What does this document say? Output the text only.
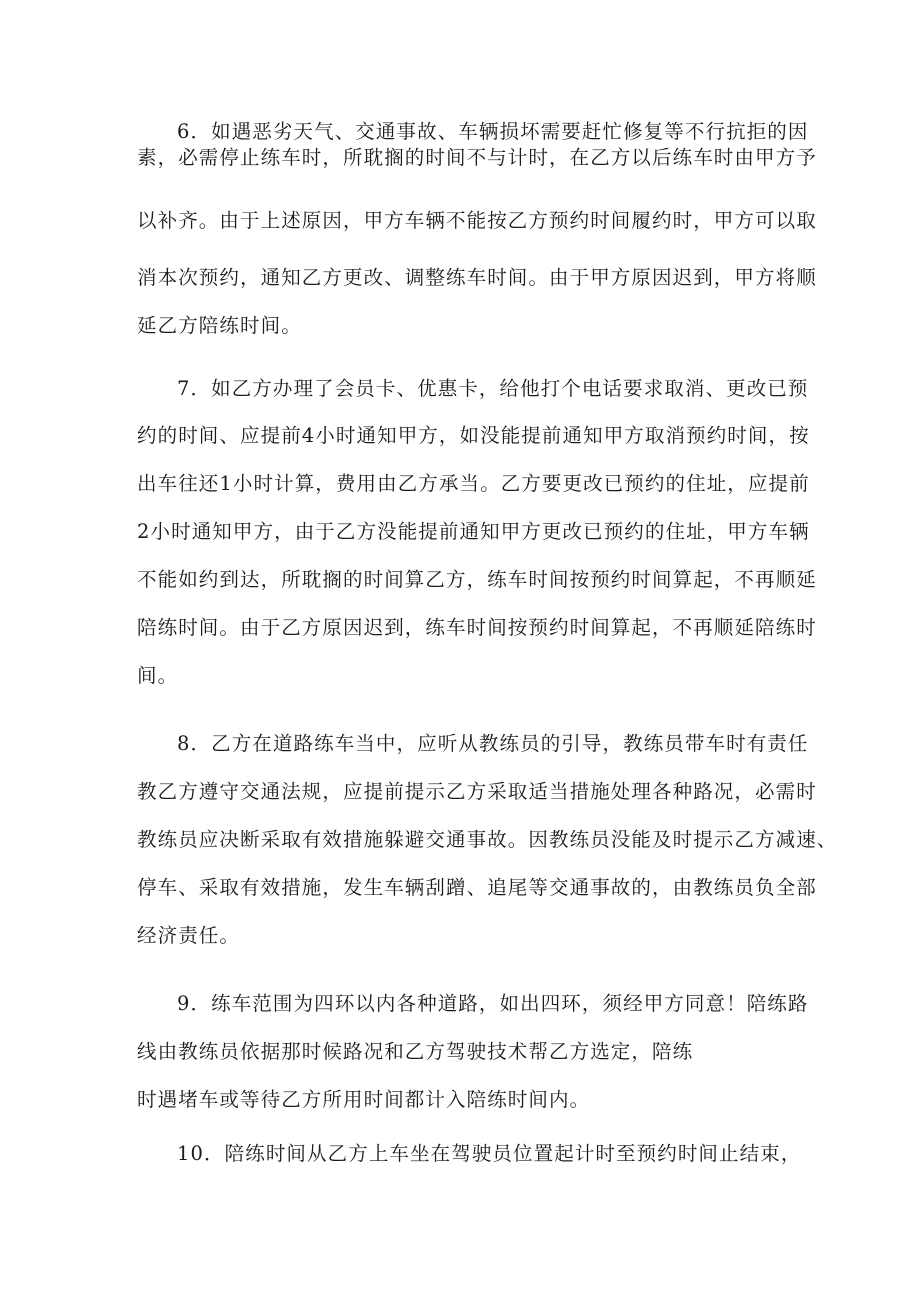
6．如遇恶劣天气、交通事故、车辆损坏需要赶忙修复等不行抗拒的因
素，必需停止练车时，所耽搁的时间不与计时，在乙方以后练车时由甲方予
以补齐。由于上述原因，甲方车辆不能按乙方预约时间履约时，甲方可以取
消本次预约，通知乙方更改、调整练车时间。由于甲方原因迟到，甲方将顺
延乙方陪练时间。
7．如乙方办理了会员卡、优惠卡，给他打个电话要求取消、更改已预
约的时间、应提前4小时通知甲方，如没能提前通知甲方取消预约时间，按
出车往还1小时计算，费用由乙方承当。乙方要更改已预约的住址，应提前
2小时通知甲方，由于乙方没能提前通知甲方更改已预约的住址，甲方车辆
不能如约到达，所耽搁的时间算乙方，练车时间按预约时间算起，不再顺延
陪练时间。由于乙方原因迟到，练车时间按预约时间算起，不再顺延陪练时
间。
8．乙方在道路练车当中，应听从教练员的引导，教练员带车时有责任
教乙方遵守交通法规，应提前提示乙方采取适当措施处理各种路况，必需时
教练员应决断采取有效措施躲避交通事故。因教练员没能及时提示乙方减速、
停车、采取有效措施，发生车辆刮蹭、追尾等交通事故的，由教练员负全部
经济责任。
9．练车范围为四环以内各种道路，如出四环，须经甲方同意！陪练路
线由教练员依据那时候路况和乙方驾驶技术帮乙方选定，陪练
时遇堵车或等待乙方所用时间都计入陪练时间内。
10．陪练时间从乙方上车坐在驾驶员位置起计时至预约时间止结束，
